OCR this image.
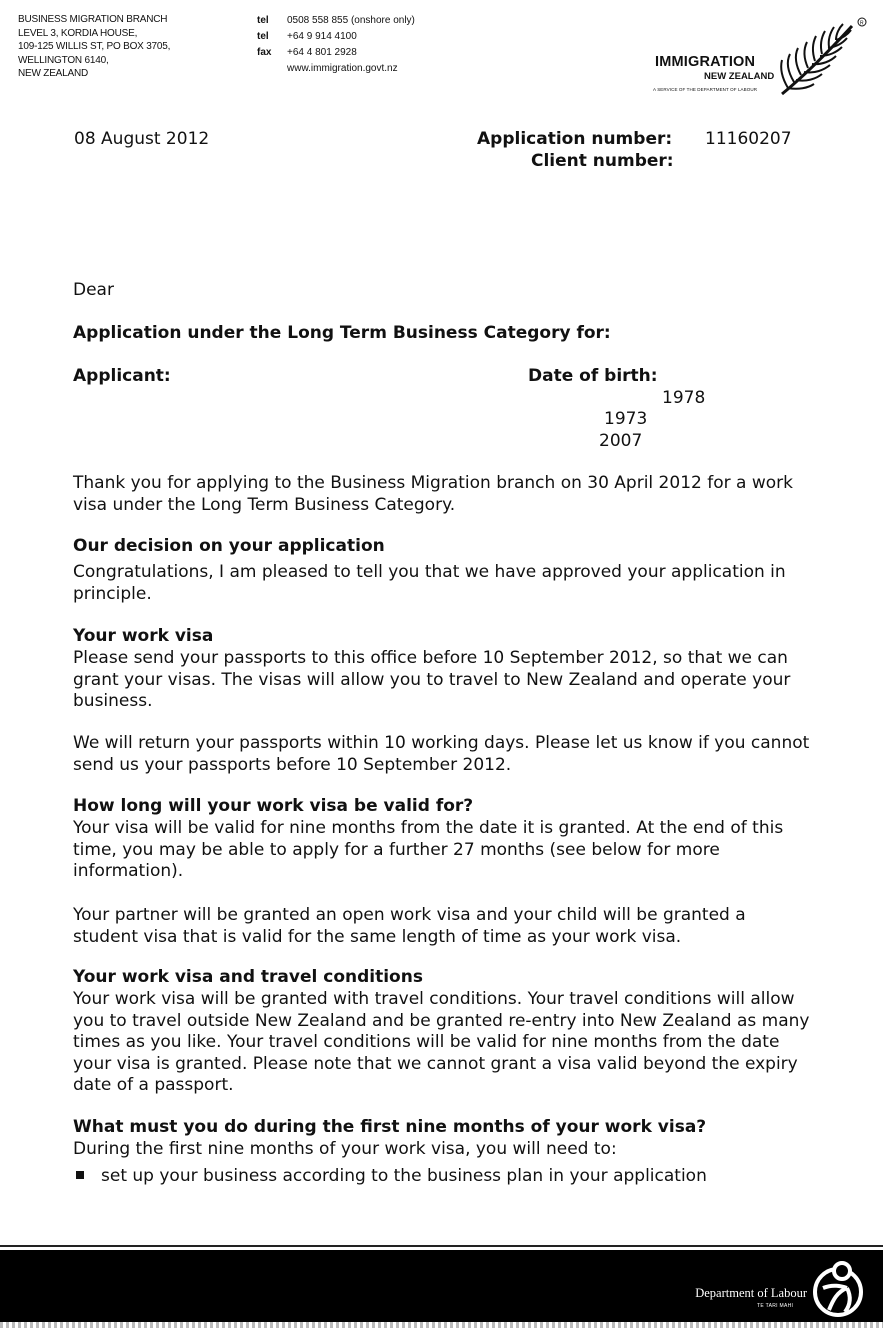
BUSINESS MIGRATION BRANCH
LEVEL 3, KORDIA HOUSE,
109-125 WILLIS ST, PO BOX 3705,
WELLINGTON 6140,
NEW ZEALAND
tel 0508 558 855 (onshore only)
tel +64 9 914 4100
fax +64 4 801 2928
www.immigration.govt.nz	IMMIGRATION
NEW ZEALAND
A SERVICE OF THE DEPARTMENT OF LABOUR
R
08 August 2012	Application number: 11160207
Client number:
Dear
Application under the Long Term Business Category for:
Applicant:	Date of birth:
1978
1973
2007
Thank you for applying to the Business Migration branch on 30 April 2012 for a work visa under the Long Term Business Category.
Our decision on your application
Congratulations, I am pleased to tell you that we have approved your application in principle.
Your work visa
Please send your passports to this office before 10 September 2012, so that we can grant your visas. The visas will allow you to travel to New Zealand and operate your business.
We will return your passports within 10 working days. Please let us know if you cannot send us your passports before 10 September 2012.
How long will your work visa be valid for?
Your visa will be valid for nine months from the date it is granted. At the end of this time, you may be able to apply for a further 27 months (see below for more information).
Your partner will be granted an open work visa and your child will be granted a student visa that is valid for the same length of time as your work visa.
Your work visa and travel conditions
Your work visa will be granted with travel conditions. Your travel conditions will allow you to travel outside New Zealand and be granted re-entry into New Zealand as many times as you like. Your travel conditions will be valid for nine months from the date your visa is granted. Please note that we cannot grant a visa valid beyond the expiry date of a passport.
What must you do during the first nine months of your work visa?
During the first nine months of your work visa, you will need to:
set up your business according to the business plan in your application
Department of Labour
TE TARI MAHI
